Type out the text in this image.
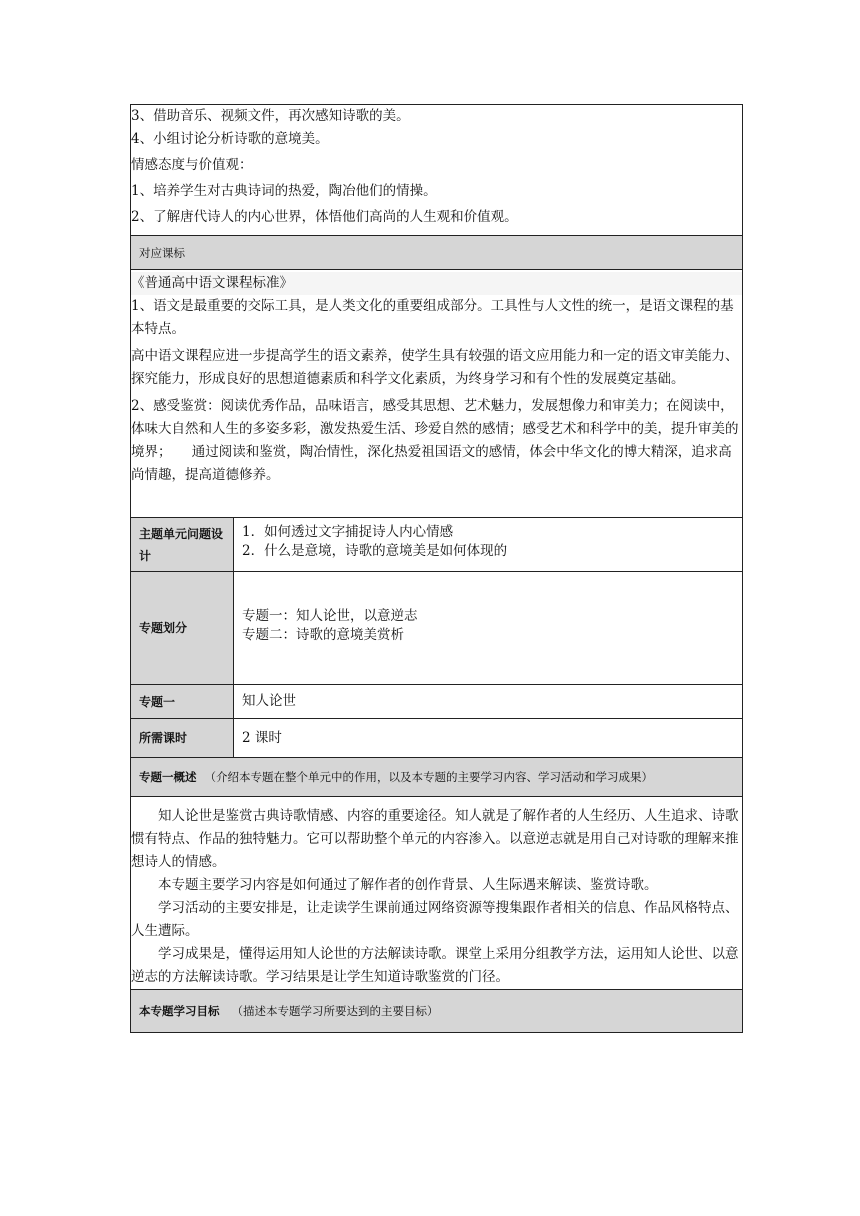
3、借助音乐、视频文件，再次感知诗歌的美。

4、小组讨论分析诗歌的意境美。

情感态度与价值观：

1、培养学生对古典诗词的热爱，陶冶他们的情操。

2、了解唐代诗人的内心世界，体悟他们高尚的人生观和价值观。	

对应课标	

《普通高中语文课程标准》

1、语文是最重要的交际工具，是人类文化的重要组成部分。工具性与人文性的统一，是语文课程的基本特点。

高中语文课程应进一步提高学生的语文素养，使学生具有较强的语文应用能力和一定的语文审美能力、探究能力，形成良好的思想道德素质和科学文化素质，为终身学习和有个性的发展奠定基础。

2、感受鉴赏：阅读优秀作品，品味语言，感受其思想、艺术魅力，发展想像力和审美力；在阅读中，体味大自然和人生的多姿多彩，激发热爱生活、珍爱自然的感情；感受艺术和科学中的美，提升审美的境界；　　通过阅读和鉴赏，陶冶情性，深化热爱祖国语文的感情，体会中华文化的博大精深，追求高尚情趣，提高道德修养。	

主题单元问题设计	1．如何透过文字捕捉诗人内心情感
2．什么是意境，诗歌的意境美是如何体现的

专题划分	专题一：知人论世，以意逆志
专题二：诗歌的意境美赏析

专题一	知人论世
所需课时	2 课时
专题一概述 （介绍本专题在整个单元中的作用，以及本专题的主要学习内容、学习活动和学习成果）	

知人论世是鉴赏古典诗歌情感、内容的重要途径。知人就是了解作者的人生经历、人生追求、诗歌惯有特点、作品的独特魅力。它可以帮助整个单元的内容渗入。以意逆志就是用自己对诗歌的理解来推想诗人的情感。

本专题主要学习内容是如何通过了解作者的创作背景、人生际遇来解读、鉴赏诗歌。

学习活动的主要安排是，让走读学生课前通过网络资源等搜集跟作者相关的信息、作品风格特点、人生遭际。

学习成果是，懂得运用知人论世的方法解读诗歌。课堂上采用分组教学方法，运用知人论世、以意逆志的方法解读诗歌。学习结果是让学生知道诗歌鉴赏的门径。	

本专题学习目标 （描述本专题学习所要达到的主要目标）	
